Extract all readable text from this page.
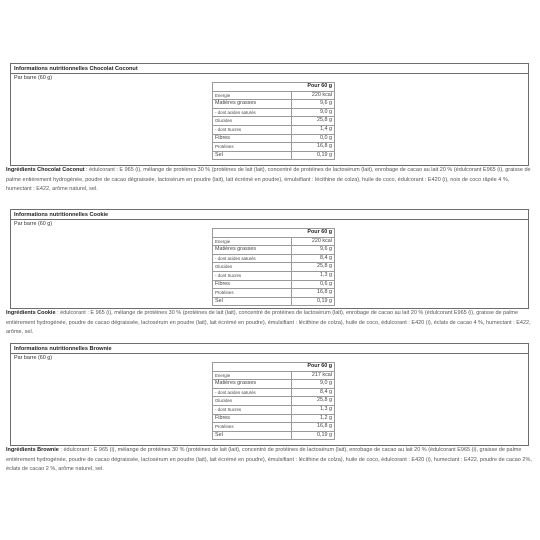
Informations nutritionnelles Chocolat Coconut
Par barre (60 g)
Pour 60 g	
Energie	220 kcal
Matières grasses	9,6 g
- dont acides saturés	9,0 g
Glucides	25,8 g
- dont Sucres	1,4 g
Fibres	0,0 g
Protéines	16,8 g
Sel	0,19 g

Ingrédients Chocolat Coconut : édulcorant : E 965 (i), mélange de protéines 30 % (protéines de lait (lait), concentré de protéines de lactosérum (lait), enrobage de cacao au lait 20 % (édulcorant E965 (i), graisse de palme entièrement hydrogénée, poudre de cacao dégraissée, lactosérum en poudre (lait), lait écrémé en poudre), émulsifiant : lécithine de colza), huile de coco, édulcorant : E420 (i), noix de coco râpée 4 %, humectant : E422, arôme naturel, sel.

Informations nutritionnelles Cookie
Par barre (60 g)
Pour 60 g	
Energie	220 kcal
Matières grasses	9,6 g
- dont acides saturés	8,4 g
Glucides	25,8 g
- dont Sucres	1,3 g
Fibres	0,6 g
Protéines	16,8 g
Sel	0,19 g

Ingrédients Cookie : édulcorant : E 965 (i), mélange de protéines 30 % (protéines de lait (lait), concentré de protéines de lactosérum (lait), enrobage de cacao au lait 20 % (édulcorant E965 (i), graisse de palme entièrement hydrogénée, poudre de cacao dégraissée, lactosérum en poudre (lait), lait écrémé en poudre), émulsifiant : lécithine de colza), huile de coco, édulcorant : E420 (i), éclats de cacao 4 %, humectant : E422, arôme, sel.

Informations nutritionnelles Brownie
Par barre (60 g)
Pour 60 g	
Energie	217 kcal
Matières grasses	9,0 g
- dont acides saturés	8,4 g
Glucides	25,8 g
- dont Sucres	1,3 g
Fibres	1,2 g
Protéines	16,8 g
Sel	0,19 g

Ingrédients Brownie : édulcorant : E 965 (i), mélange de protéines 30 % (protéines de lait (lait), concentré de protéines de lactosérum (lait), enrobage de cacao au lait 20 % (édulcorant E965 (i), graisse de palme entièrement hydrogénée, poudre de cacao dégraissée, lactosérum en poudre (lait), lait écrémé en poudre), émulsifiant : lécithine de colza), huile de coco, édulcorant : E420 (i), humectant : E422, poudre de cacao 2%, éclats de cacao 2 %, arôme naturel, sel.
